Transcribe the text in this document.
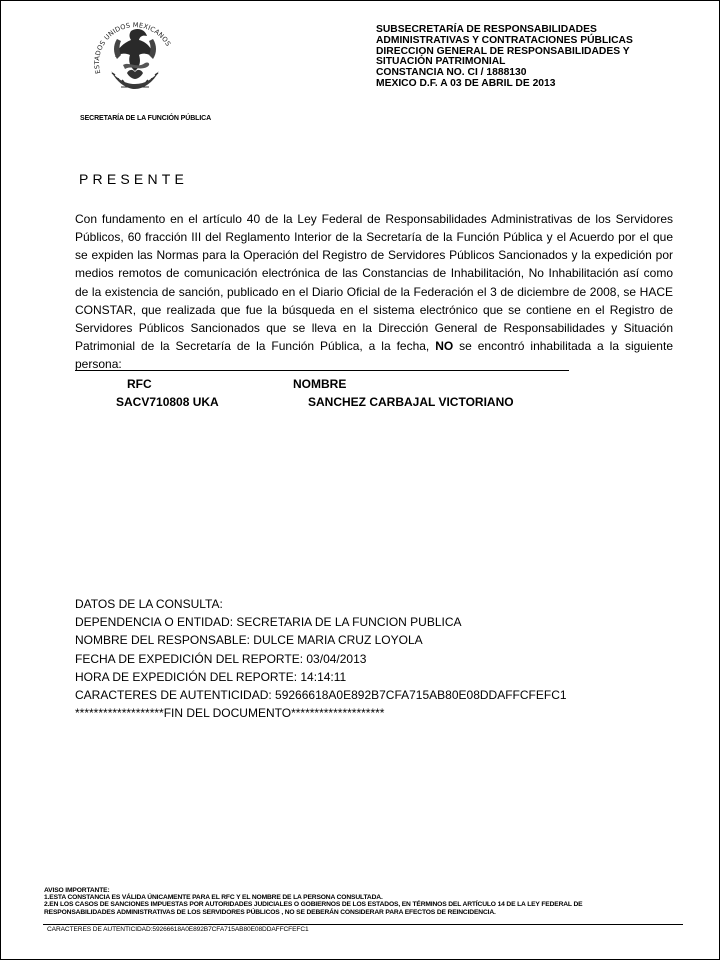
ESTADOS UNIDOS MEXICANOS
SECRETARÍA DE LA FUNCIÓN PÚBLICA
SUBSECRETARÍA DE RESPONSABILIDADES
ADMINISTRATIVAS Y CONTRATACIONES PÚBLICAS
DIRECCION GENERAL DE RESPONSABILIDADES Y
SITUACIÓN PATRIMONIAL
CONSTANCIA NO. CI / 1888130
MEXICO D.F. A 03 DE ABRIL DE 2013
PRESENTE
Con fundamento en el artículo 40 de la Ley Federal de Responsabilidades Administrativas de los Servidores Públicos, 60 fracción III del Reglamento Interior de la Secretaría de la Función Pública y el Acuerdo por el que se expiden las Normas para la Operación del Registro de Servidores Públicos Sancionados y la expedición por medios remotos de comunicación electrónica de las Constancias de Inhabilitación, No Inhabilitación así como de la existencia de sanción, publicado en el Diario Oficial de la Federación el 3 de diciembre de 2008, se HACE CONSTAR, que realizada que fue la búsqueda en el sistema electrónico que se contiene en el Registro de Servidores Públicos Sancionados que se lleva en la Dirección General de Responsabilidades y Situación Patrimonial de la Secretaría de la Función Pública, a la fecha, NO se encontró inhabilitada a la siguiente persona:
RFC	NOMBRE
SACV710808 UKA	SANCHEZ CARBAJAL VICTORIANO
DATOS DE LA CONSULTA:
DEPENDENCIA O ENTIDAD: SECRETARIA DE LA FUNCION PUBLICA
NOMBRE DEL RESPONSABLE: DULCE MARIA CRUZ LOYOLA
FECHA DE EXPEDICIÓN DEL REPORTE: 03/04/2013
HORA DE EXPEDICIÓN DEL REPORTE: 14:14:11
CARACTERES DE AUTENTICIDAD: 59266618A0E892B7CFA715AB80E08DDAFFCFEFC1
*******************FIN DEL DOCUMENTO********************
AVISO IMPORTANTE:
1.ESTA CONSTANCIA ES VÁLIDA ÚNICAMENTE PARA EL RFC Y EL NOMBRE DE LA PERSONA CONSULTADA.
2.EN LOS CASOS DE SANCIONES IMPUESTAS POR AUTORIDADES JUDICIALES O GOBIERNOS DE LOS ESTADOS, EN TÉRMINOS DEL ARTÍCULO 14 DE LA LEY FEDERAL DE
RESPONSABILIDADES ADMINISTRATIVAS DE LOS SERVIDORES PÚBLICOS , NO SE DEBERÁN CONSIDERAR PARA EFECTOS DE REINCIDENCIA.
CARACTERES DE AUTENTICIDAD:59266618A0E892B7CFA715AB80E08DDAFFCFEFC1
